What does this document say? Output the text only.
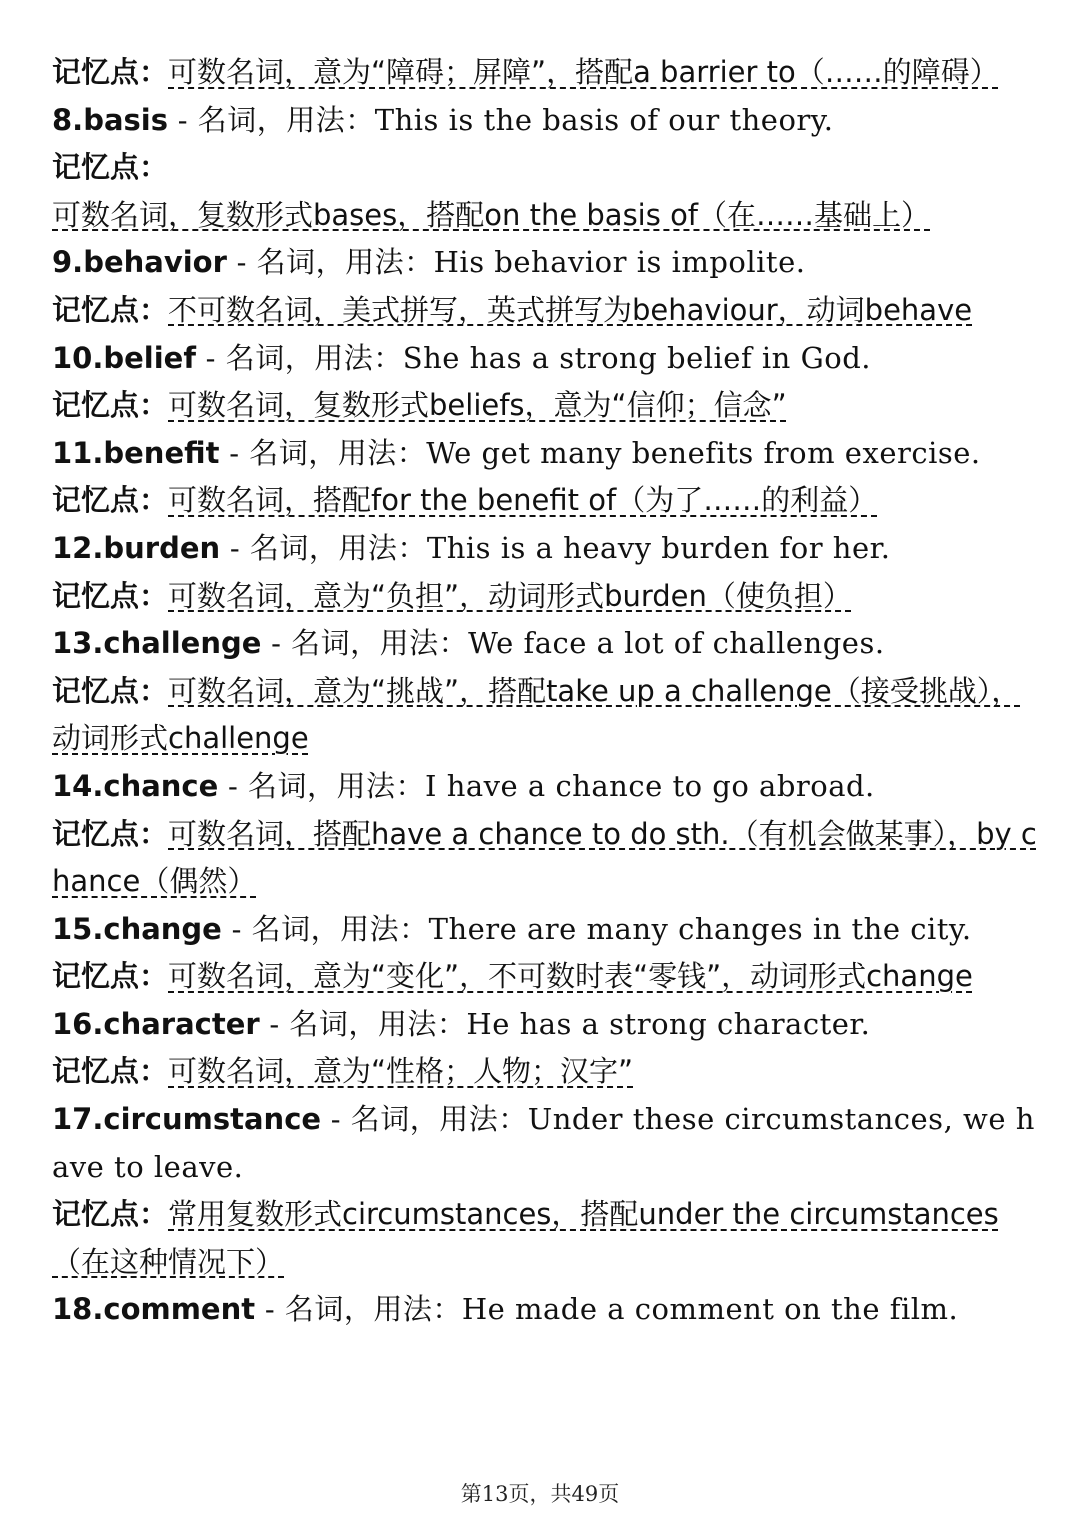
记忆点：可数名词，意为“障碍；屏障”，搭配a barrier to（……的障碍）
8.basis - 名词，用法：This is the basis of our theory.
记忆点：可数名词，复数形式bases，搭配on the basis of（在……基础上）
9.behavior - 名词，用法：His behavior is impolite.
记忆点：不可数名词，美式拼写，英式拼写为behaviour，动词behave
10.belief - 名词，用法：She has a strong belief in God.
记忆点：可数名词，复数形式beliefs，意为“信仰；信念”
11.benefit - 名词，用法：We get many benefits from exercise.
记忆点：可数名词，搭配for the benefit of（为了……的利益）
12.burden - 名词，用法：This is a heavy burden for her.
记忆点：可数名词，意为“负担”，动词形式burden（使负担）
13.challenge - 名词，用法：We face a lot of challenges.
记忆点：可数名词，意为“挑战”，搭配take up a challenge（接受挑战），动词形式challenge
14.chance - 名词，用法：I have a chance to go abroad.
记忆点：可数名词，搭配have a chance to do sth.（有机会做某事），by chance（偶然）
15.change - 名词，用法：There are many changes in the city.
记忆点：可数名词，意为“变化”，不可数时表“零钱”，动词形式change
16.character - 名词，用法：He has a strong character.
记忆点：可数名词，意为“性格；人物；汉字”
17.circumstance - 名词，用法：Under these circumstances, we have to leave.
记忆点：常用复数形式circumstances，搭配under the circumstances（在这种情况下）
18.comment - 名词，用法：He made a comment on the film.
第13页，共49页
